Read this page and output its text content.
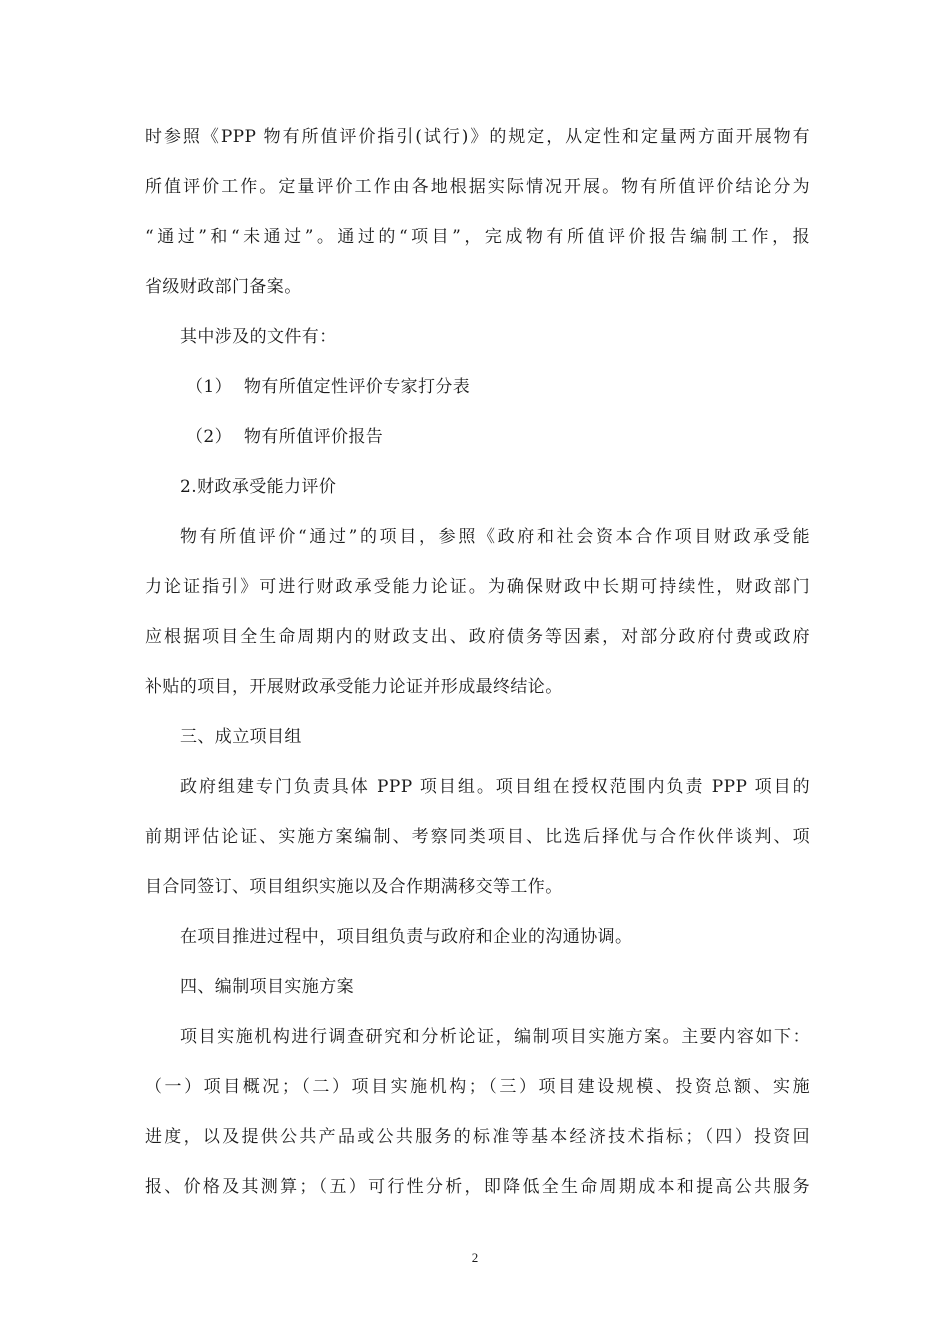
时参照《PPP 物有所值评价指引(试行)》的规定，从定性和定量两方面开展物有
所值评价工作。定量评价工作由各地根据实际情况开展。物有所值评价结论分为
“通过”和“未通过”。通过的“项目”，完成物有所值评价报告编制工作，报
省级财政部门备案。
其中涉及的文件有：
（1） 物有所值定性评价专家打分表
（2） 物有所值评价报告
2.财政承受能力评价
物有所值评价“通过”的项目，参照《政府和社会资本合作项目财政承受能
力论证指引》可进行财政承受能力论证。为确保财政中长期可持续性，财政部门
应根据项目全生命周期内的财政支出、政府债务等因素，对部分政府付费或政府
补贴的项目，开展财政承受能力论证并形成最终结论。
三、成立项目组
政府组建专门负责具体 PPP 项目组。项目组在授权范围内负责 PPP 项目的
前期评估论证、实施方案编制、考察同类项目、比选后择优与合作伙伴谈判、项
目合同签订、项目组织实施以及合作期满移交等工作。
在项目推进过程中，项目组负责与政府和企业的沟通协调。
四、编制项目实施方案
项目实施机构进行调查研究和分析论证，编制项目实施方案。主要内容如下：
（一）项目概况；（二）项目实施机构；（三）项目建设规模、投资总额、实施
进度，以及提供公共产品或公共服务的标准等基本经济技术指标；（四）投资回
报、价格及其测算；（五）可行性分析，即降低全生命周期成本和提高公共服务
2
